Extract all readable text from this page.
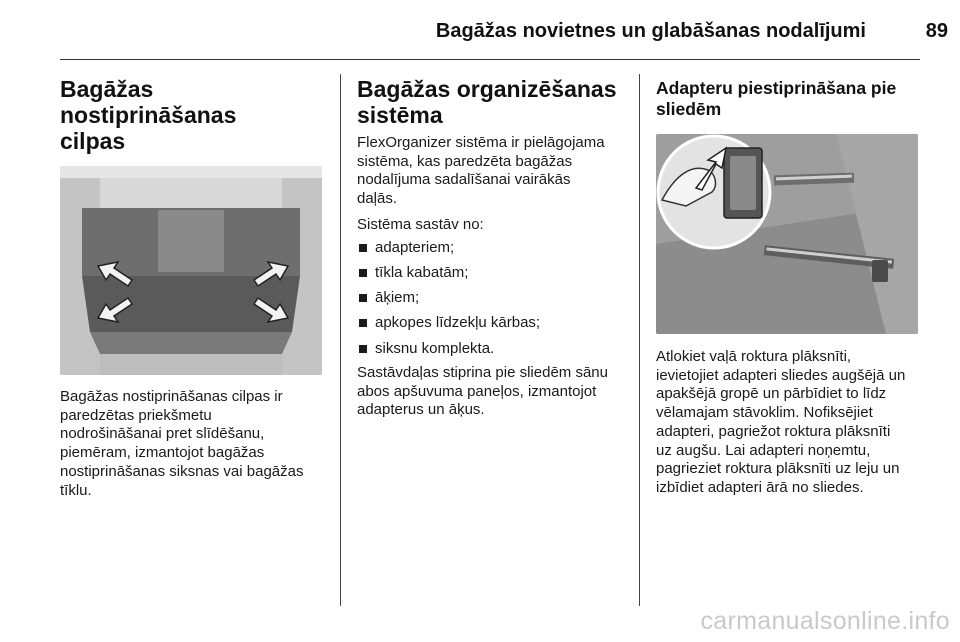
Bagāžas novietnes un glabāšanas nodalījumi	89
Bagāžas nostiprināšanas
cilpas
Bagāžas nostiprināšanas cilpas ir
paredzētas priekšmetu
nodrošināšanai pret slīdēšanu,
piemēram, izmantojot bagāžas
nostiprināšanas siksnas vai bagāžas
tīklu.
Bagāžas organizēšanas
sistēma
FlexOrganizer sistēma ir pielāgojama
sistēma, kas paredzēta bagāžas
nodalījuma sadalīšanai vairākās
daļās.
Sistēma sastāv no:
adapteriem;
tīkla kabatām;
āķiem;
apkopes līdzekļu kārbas;
siksnu komplekta.
Sastāvdaļas stiprina pie sliedēm sānu
abos apšuvuma paneļos, izmantojot
adapterus un āķus.
Adapteru piestiprināšana pie
sliedēm
Atlokiet vaļā roktura plāksnīti,
ievietojiet adapteri sliedes augšējā un
apakšējā gropē un pārbīdiet to līdz
vēlamajam stāvoklim. Nofiksējiet
adapteri, pagriežot roktura plāksnīti
uz augšu. Lai adapteri noņemtu,
pagrieziet roktura plāksnīti uz leju un
izbīdiet adapteri ārā no sliedes.
carmanualsonline.info
